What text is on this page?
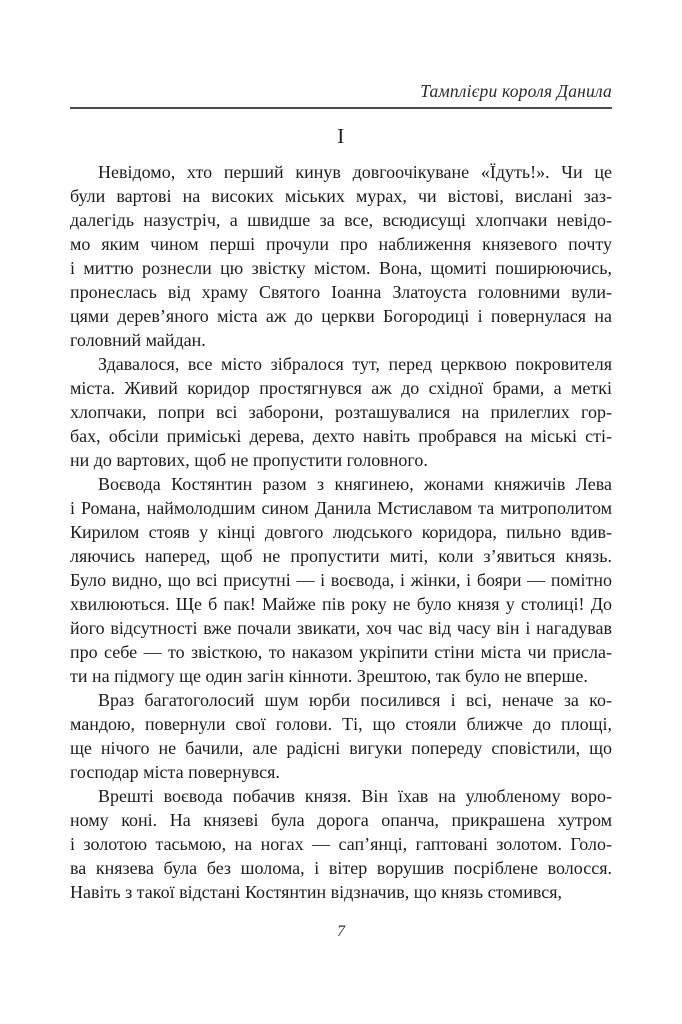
Тамплієри короля Данила
I

Невідомо, хто перший кинув довгоочікуване «Їдуть!». Чи це
були вартові на високих міських мурах, чи вістові, вислані заз-
далегідь назустріч, а швидше за все, всюдисущі хлопчаки невідо-
мо яким чином перші прочули про наближення князевого почту
і миттю рознесли цю звістку містом. Вона, щомиті поширюючись,
пронеслась від храму Святого Іоанна Златоуста головними вули-
цями дерев’яного міста аж до церкви Богородиці і повернулася на
головний майдан.

Здавалося, все місто зібралося тут, перед церквою покровителя
міста. Живий коридор простягнувся аж до східної брами, а меткі
хлопчаки, попри всі заборони, розташувалися на прилеглих гор-
бах, обсіли приміські дерева, дехто навіть пробрався на міські сті-
ни до вартових, щоб не пропустити головного.

Воєвода Костянтин разом з княгинею, жонами княжичів Лева
і Романа, наймолодшим сином Данила Мстиславом та митрополитом
Кирилом стояв у кінці довгого людського коридора, пильно вдив-
ляючись наперед, щоб не пропустити миті, коли з’явиться князь.
Було видно, що всі присутні — і воєвода, і жінки, і бояри — помітно
хвилюються. Ще б пак! Майже пів року не було князя у столиці! До
його відсутності вже почали звикати, хоч час від часу він і нагадував
про себе — то звісткою, то наказом укріпити стіни міста чи присла-
ти на підмогу ще один загін кінноти. Зрештою, так було не вперше.

Враз багатоголосий шум юрби посилився і всі, неначе за ко-
мандою, повернули свої голови. Ті, що стояли ближче до площі,
ще нічого не бачили, але радісні вигуки попереду сповістили, що
господар міста повернувся.

Врешті воєвода побачив князя. Він їхав на улюбленому воро-
ному коні. На князеві була дорога опанча, прикрашена хутром
і золотою тасьмою, на ногах — сап’янці, гаптовані золотом. Голо-
ва князева була без шолома, і вітер ворушив посріблене волосся.
Навіть з такої відстані Костянтин відзначив, що князь стомився,

7
